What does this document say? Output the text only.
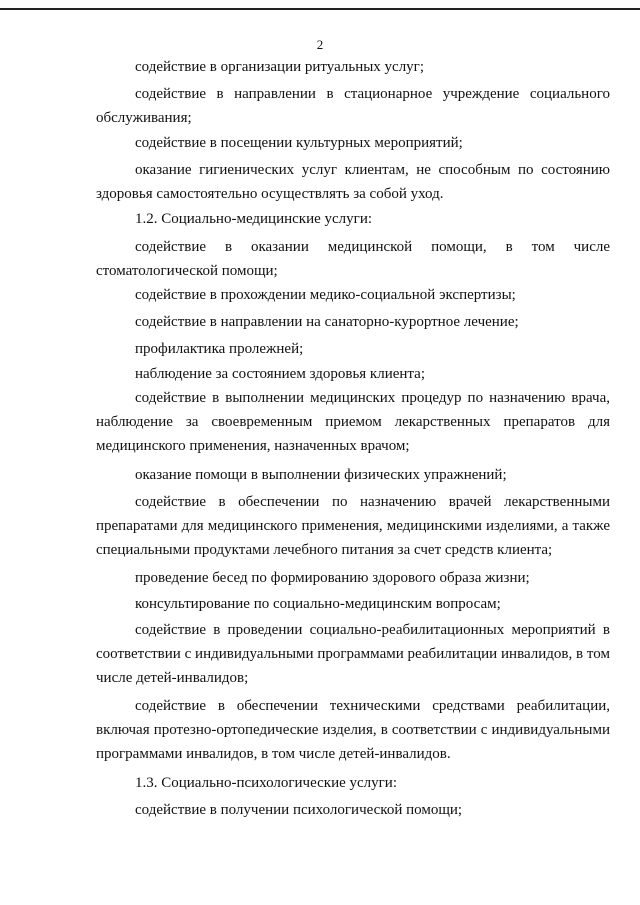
2

содействие в организации ритуальных услуг;

содействие в направлении в стационарное учреждение социального обслуживания;

содействие в посещении культурных мероприятий;

оказание гигиенических услуг клиентам, не способным по состоянию здоровья самостоятельно осуществлять за собой уход.

1.2. Социально-медицинские услуги:

содействие в оказании медицинской помощи, в том числе стоматологической помощи;

содействие в прохождении медико-социальной экспертизы;

содействие в направлении на санаторно-курортное лечение;

профилактика пролежней;

наблюдение за состоянием здоровья клиента;

содействие в выполнении медицинских процедур по назначению врача, наблюдение за своевременным приемом лекарственных препаратов для медицинского применения, назначенных врачом;

оказание помощи в выполнении физических упражнений;

содействие в обеспечении по назначению врачей лекарственными препаратами для медицинского применения, медицинскими изделиями, а также специальными продуктами лечебного питания за счет средств клиента;

проведение бесед по формированию здорового образа жизни;

консультирование по социально-медицинским вопросам;

содействие в проведении социально-реабилитационных мероприятий в соответствии с индивидуальными программами реабилитации инвалидов, в том числе детей-инвалидов;

содействие в обеспечении техническими средствами реабилитации, включая протезно-ортопедические изделия, в соответствии с индивидуальными программами инвалидов, в том числе детей-инвалидов.

1.3. Социально-психологические услуги:

содействие в получении психологической помощи;
